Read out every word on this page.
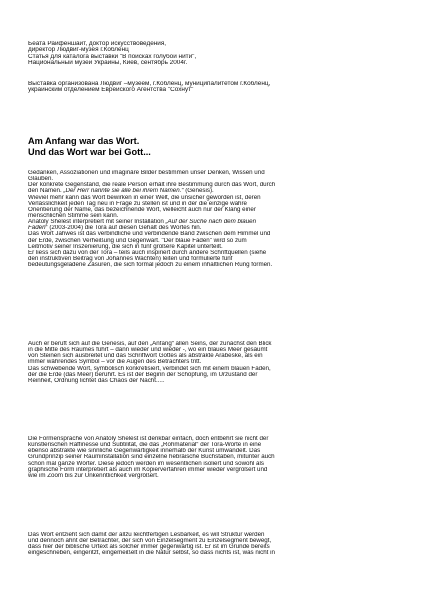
Беата Райфеншайт, доктор искусствоведения,
директор Людвиг-музея г.Кобленц
Статья для каталога выставки "В поисках голубой нити",
Национальный музей Украины, Киев, сентябрь 2004г.
Выставка организована Людвиг –музеем, г.Кобленц, муниципалитетом г.Кобленц,
украинским отделением Еврейского Агентства "Сохнут"
Am Anfang war das Wort.
Und das Wort war bei Gott...
Gedanken, Assoziationen und imaginäre Bilder bestimmen unser Denken, Wissen und
Glauben.
Der konkrete Gegenstand, die reale Person erhält ihre Bestimmung durch das Wort, durch
den Namen. „Der Herr nannte sie alle bei ihrem Namen.“ (Genesis).
Wieviel mehr kann das Wort bewirken in einer Welt, die unsicher geworden ist, deren
Verlässlichkeit jeden Tag neu in Frage zu stellen ist und in der die einzige wahre
Orientierung der Name, das bezeichnende Wort, vielleicht auch nur der Klang einer
menschlichen Stimme sein kann.
Anatoly Shelest interpretiert mit seiner Installation „Auf der Suche nach dem blauen
Faden“ (2003-2004) die Tora auf diesen Gehalt des Wortes hin.
Das Wort Jahwes ist das verbindliche und verbindende Band zwischen dem Himmel und
der Erde, zwischen Verheißung und Gegenwart. "Der blaue Faden" wird so zum
Leitmotiv seiner Inszenierung, die sich in fünf größere Kapitel unterteilt.
Er liess sich dazu von der Tora – teils auch inspiriert durch andere Schriftquellen (siehe
den instruktiven Beitrag von Johannes Wachten) leiten und formulierte fünf
bedeutungsgeladene Zäsuren, die sich formal jedoch zu einem inhaltlichen Rung formen.
Auch er beruft sich auf die Genesis, auf den „Anfang“ allen Seins, der zunächst den Blick
in die Mitte des Raumes führt – dann wieder und wieder -, wo ein blaues Meer gesäumt
von Steinen sich ausbreitet und das Schriftwort Gottes als abstrakte Arabeske, als ein
immer währendes Symbol – vor die Augen des Betrachters tritt.
Das schwebende Wort, symbolisch konkretisiert, verbindet sich mit einem blauen Faden,
der die Erde (das Meer) berührt. Es ist der Beginn der Schöpfung, im Urzustand der
Reinheit, Ordnung lichtet das Chaos der Nacht.....
Die Formensprache von Anatoly Shelest ist denkbar einfach, doch entbehrt sie nicht der
künstlerischen Raffinesse und Subtilität, die das „Rohmaterial“ der Tora-Worte in eine
ebenso abstrakte wie sinnliche Gegenwärtigkeit innerhalb der Kunst umwandelt. Das
Grundprinzip seiner Rauminstallation sind einzelne hebräische Buchstaben, mitunter auch
schon mal ganze Wörter. Diese jedoch werden im wesentlichen isoliert und sowohl als
graphische Form interpretiert als auch im Kopierverfahren immer wieder vergrößert und
wie im Zoom bis zur Unkenntlichkeit vergrößert.
Das Wort entzieht sich damit der allzu leichtfertigen Lesbarkeit, es will Struktur werden
und dennoch ahnt der Betrachter, der sich von Einzelsegment zu Einzelsegment bewegt,
dass hier der biblische Urtext als solcher immer gegenwärtig ist. Er ist im Grunde bereits
eingeschrieben, eingeritzt, eingemeißelt in die Natur selbst, so dass nichts ist, was nicht in
